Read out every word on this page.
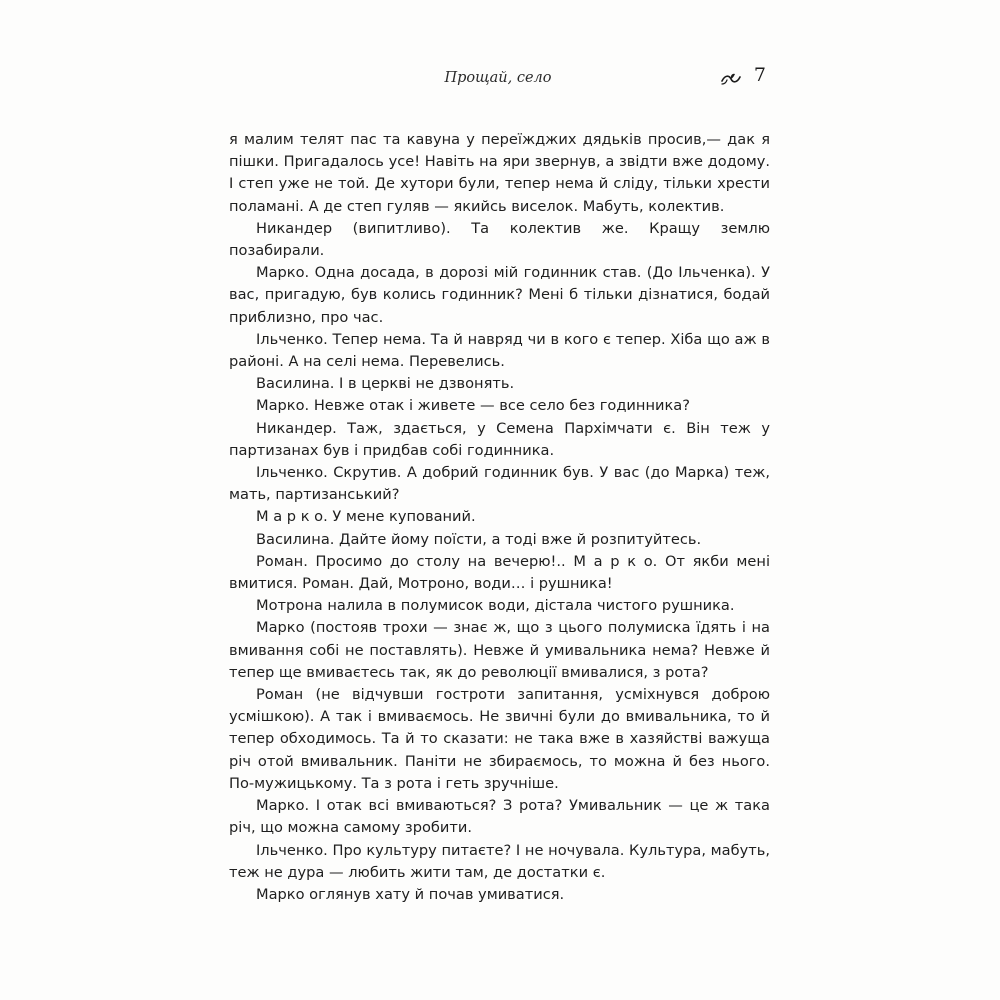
Прощай, село	7

я малим телят пас та кавуна у переїжджих дядьків просив,— дак я пішки. Пригадалось усе! Навіть на яри звернув, а звідти вже додому. І степ уже не той. Де хутори були, тепер нема й сліду, тільки хрести поламані. А де степ гуляв — якийсь виселок. Мабуть, колектив.

Никандер (випитливо). Та колектив же. Кращу землю позабирали.

Марко. Одна досада, в дорозі мій годинник став. (До Ільченка). У вас, пригадую, був колись годинник? Мені б тільки дізнатися, бодай приблизно, про час.

Ільченко. Тепер нема. Та й навряд чи в кого є тепер. Хіба що аж в районі. А на селі нема. Перевелись.

Василина. І в церкві не дзвонять.

Марко. Невже отак і живете — все село без годинника?

Никандер. Таж, здається, у Семена Пархімчати є. Він теж у партизанах був і придбав собі годинника.

Ільченко. Скрутив. А добрий годинник був. У вас (до Марка) теж, мать, партизанський?

М а р к о. У мене купований.

Василина. Дайте йому поїсти, а тоді вже й розпитуйтесь.

Роман. Просимо до столу на вечерю!.. М а р к о. От якби мені вмитися. Роман. Дай, Мотроно, води… і рушника!

Мотрона налила в полумисок води, дістала чистого рушника.

Марко (постояв трохи — знає ж, що з цього полумиска їдять і на вмивання собі не поставлять). Невже й умивальника нема? Невже й тепер ще вмиваєтесь так, як до революції вмивалися, з рота?

Роман (не відчувши гостроти запитання, усміхнувся доброю усмішкою). А так і вмиваємось. Не звичні були до вмивальника, то й тепер обходимось. Та й то сказати: не така вже в хазяйстві важуща річ отой вмивальник. Паніти не збираємось, то можна й без нього. По-мужицькому. Та з рота і геть зручніше.

Марко. І отак всі вмиваються? З рота? Умивальник — це ж така річ, що можна самому зробити.

Ільченко. Про культуру питаєте? І не ночувала. Культура, мабуть, теж не дура — любить жити там, де достатки є.

Марко оглянув хату й почав умиватися.
